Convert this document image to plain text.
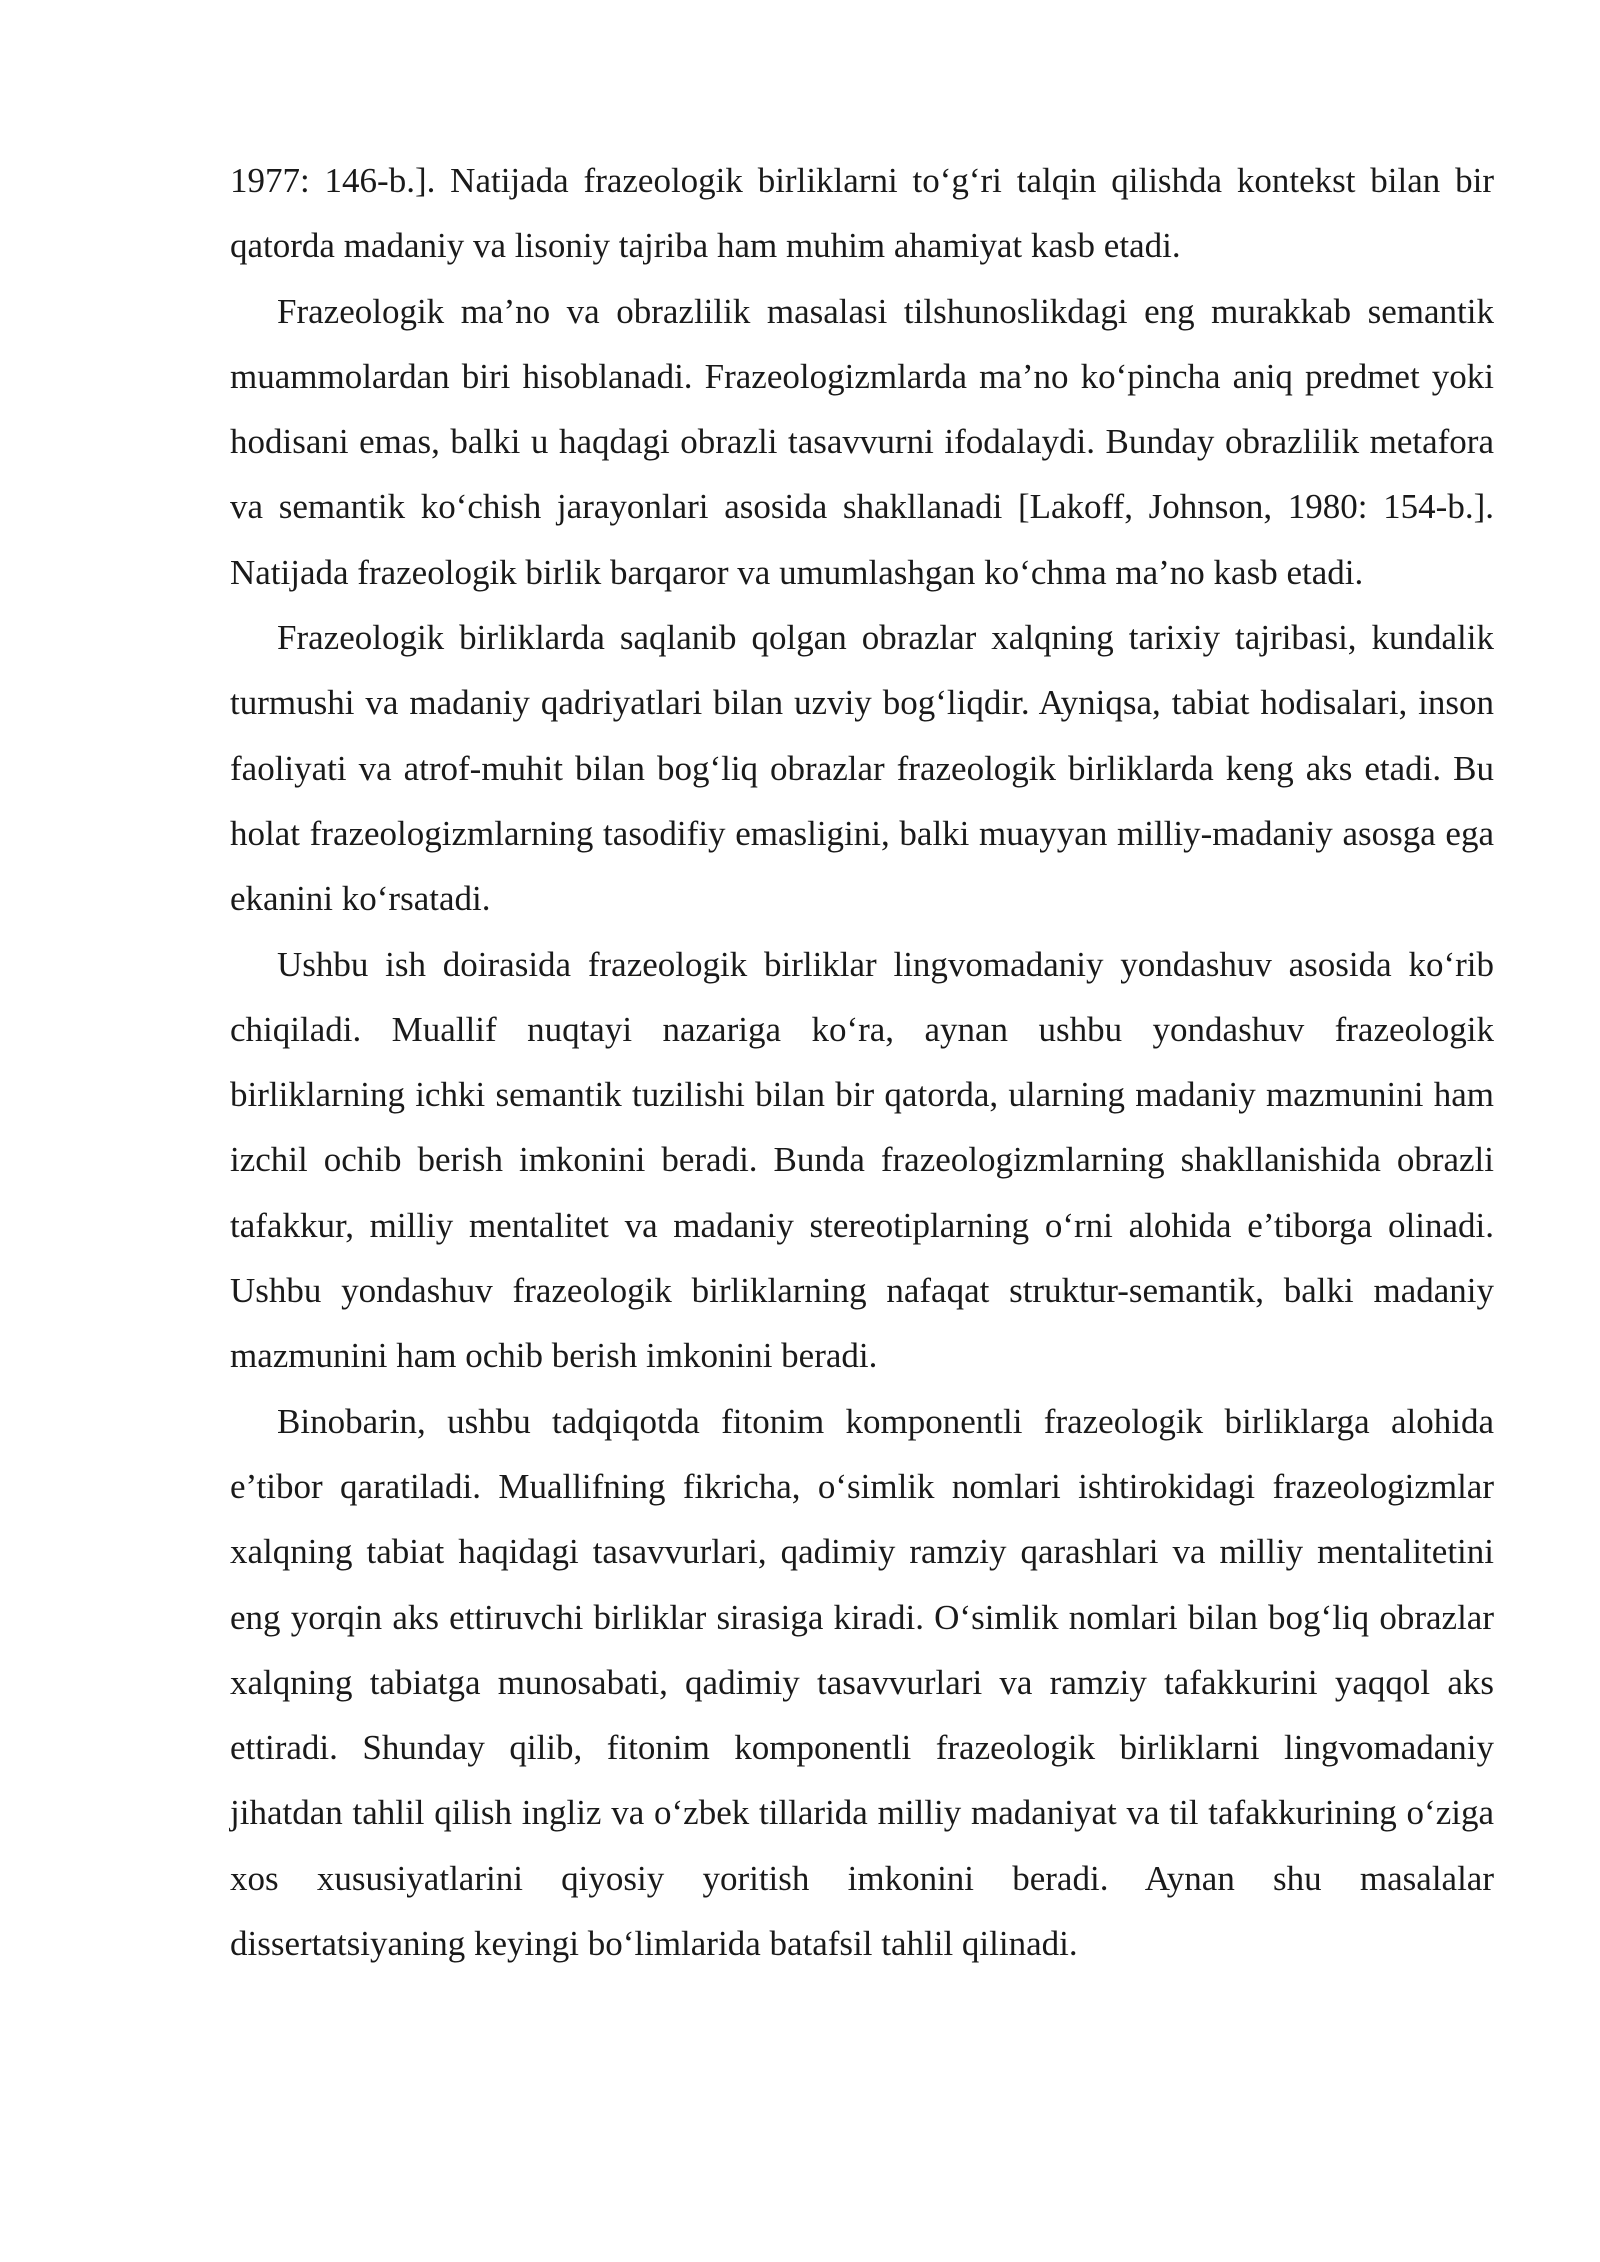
1977: 146-b.]. Natijada frazeologik birliklarni to‘g‘ri talqin qilishda kontekst bilan bir qatorda madaniy va lisoniy tajriba ham muhim ahamiyat kasb etadi.

Frazeologik ma’no va obrazlilik masalasi tilshunoslikdagi eng murakkab semantik muammolardan biri hisoblanadi. Frazeologizmlarda ma’no ko‘pincha aniq predmet yoki hodisani emas, balki u haqdagi obrazli tasavvurni ifodalaydi. Bunday obrazlilik metafora va semantik ko‘chish jarayonlari asosida shakllanadi [Lakoff, Johnson, 1980: 154-b.]. Natijada frazeologik birlik barqaror va umumlashgan ko‘chma ma’no kasb etadi.

Frazeologik birliklarda saqlanib qolgan obrazlar xalqning tarixiy tajribasi, kundalik turmushi va madaniy qadriyatlari bilan uzviy bog‘liqdir. Ayniqsa, tabiat hodisalari, inson faoliyati va atrof-muhit bilan bog‘liq obrazlar frazeologik birliklarda keng aks etadi. Bu holat frazeologizmlarning tasodifiy emasligini, balki muayyan milliy-madaniy asosga ega ekanini ko‘rsatadi.

Ushbu ish doirasida frazeologik birliklar lingvomadaniy yondashuv asosida ko‘rib chiqiladi. Muallif nuqtayi nazariga ko‘ra, aynan ushbu yondashuv frazeologik birliklarning ichki semantik tuzilishi bilan bir qatorda, ularning madaniy mazmunini ham izchil ochib berish imkonini beradi. Bunda frazeologizmlarning shakllanishida obrazli tafakkur, milliy mentalitet va madaniy stereotiplarning o‘rni alohida e’tiborga olinadi. Ushbu yondashuv frazeologik birliklarning nafaqat struktur-semantik, balki madaniy mazmunini ham ochib berish imkonini beradi.

Binobarin, ushbu tadqiqotda fitonim komponentli frazeologik birliklarga alohida e’tibor qaratiladi. Muallifning fikricha, o‘simlik nomlari ishtirokidagi frazeologizmlar xalqning tabiat haqidagi tasavvurlari, qadimiy ramziy qarashlari va milliy mentalitetini eng yorqin aks ettiruvchi birliklar sirasiga kiradi. O‘simlik nomlari bilan bog‘liq obrazlar xalqning tabiatga munosabati, qadimiy tasavvurlari va ramziy tafakkurini yaqqol aks ettiradi. Shunday qilib, fitonim komponentli frazeologik birliklarni lingvomadaniy jihatdan tahlil qilish ingliz va o‘zbek tillarida milliy madaniyat va til tafakkurining o‘ziga xos xususiyatlarini qiyosiy yoritish imkonini beradi. Aynan shu masalalar dissertatsiyaning keyingi bo‘limlarida batafsil tahlil qilinadi.
